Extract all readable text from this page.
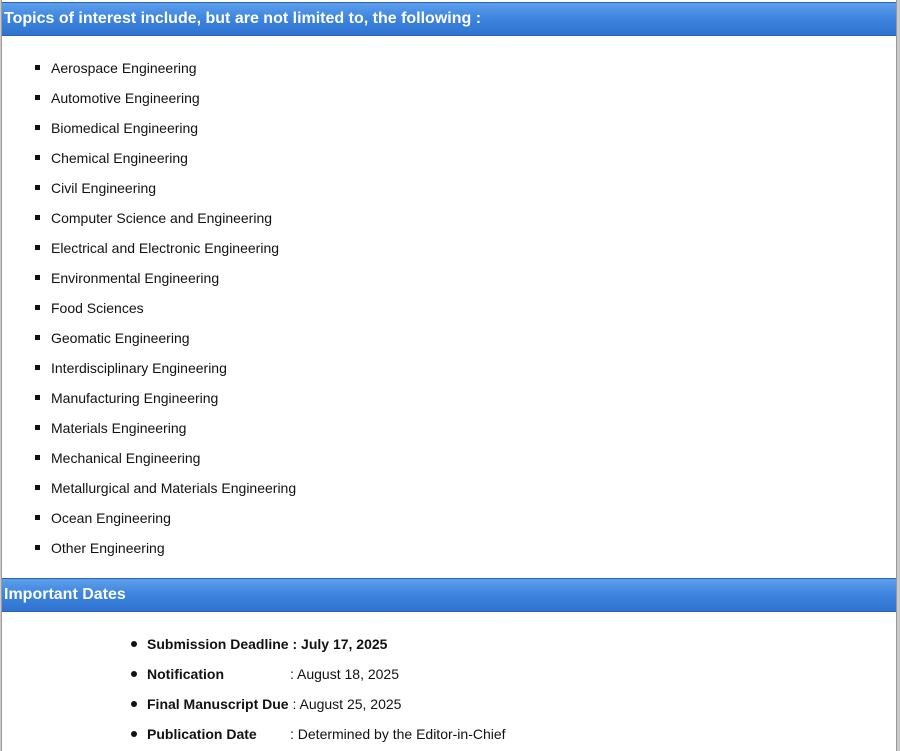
Topics of interest include, but are not limited to, the following :
Aerospace Engineering
Automotive Engineering
Biomedical Engineering
Chemical Engineering
Civil Engineering
Computer Science and Engineering
Electrical and Electronic Engineering
Environmental Engineering
Food Sciences
Geomatic Engineering
Interdisciplinary Engineering
Manufacturing Engineering
Materials Engineering
Mechanical Engineering
Metallurgical and Materials Engineering
Ocean Engineering
Other Engineering
Important Dates
Submission Deadline : July 17, 2025
Notification	: August 18, 2025
Final Manuscript Due : August 25, 2025
Publication Date : Determined by the Editor-in-Chief
